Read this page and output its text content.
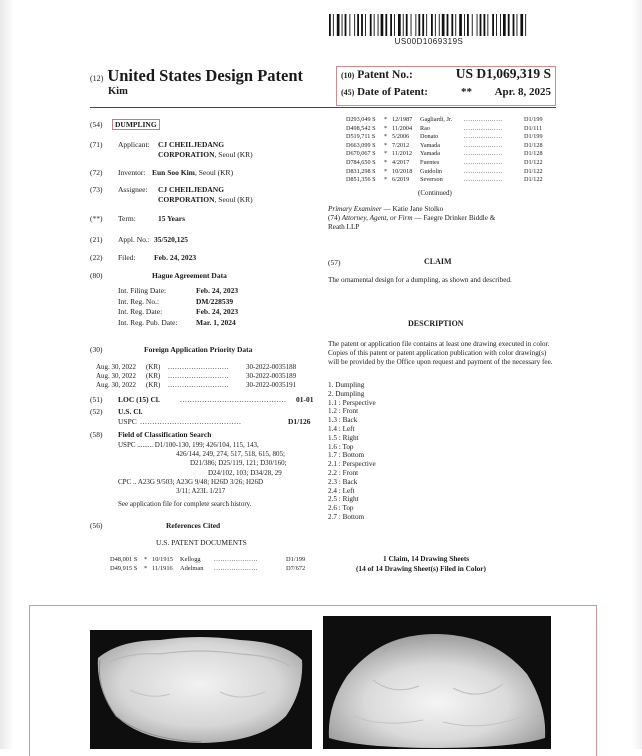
US00D1069319S
(12) United States Design Patent
Kim
(10) Patent No.:	US D1,069,319 S
(45) Date of Patent:	** Apr. 8, 2025
(54)	DUMPLING
(71) Applicant: CJ CHEILJEDANG
CORPORATION, Seoul (KR)
(72) Inventor: Eun Soo Kim, Seoul (KR)
(73) Assignee: CJ CHEILJEDANG
CORPORATION, Seoul (KR)
(**) Term:	15 Years
(21) Appl. No.: 35/520,125
(22) Filed: Feb. 24, 2023
(80)	Hague Agreement Data
Int. Filing Date:	Feb. 24, 2023
Int. Reg. No.:	DM/228539
Int. Reg. Date:	Feb. 24, 2023
Int. Reg. Pub. Date: Mar. 1, 2024
(30)	Foreign Application Priority Data
Aug. 30, 2022 (KR) .......................... 30-2022-0035188
Aug. 30, 2022 (KR) .......................... 30-2022-0035189
Aug. 30, 2022 (KR) .......................... 30-2022-0035191
(51) LOC (15) Cl.	........................................... 01-01
(52) U.S. Cl.
USPC .........................................	D1/126
(58) Field of Classification Search
USPC ......... D1/100-130, 199; 426/104, 115, 143,
426/144, 249, 274, 517, 518, 615, 805;
D21/386; D25/119, 121; D30/160;
D24/102, 103; D34/28, 29
CPC .. A23G 9/503; A23G 9/48; H26D 3/26; H26D
3/11; A23L 1/217
See application file for complete search history.
(56)	References Cited
U.S. PATENT DOCUMENTS
D48,001 S * 10/1915 Kellogg ....................	D1/199
D49,915 S * 11/1916 Adelman ....................	D7/672
D293,049 S * 12/1987 Gagliardi, Jr. ..................	D1/199
D498,542 S * 11/2004 Rao	..................	D1/111
D519,711 S * 5/2006 Donato	..................	D1/199
D663,099 S * 7/2012 Yamada	..................	D1/128
D670,067 S * 11/2012 Yamada	..................	D1/128
D784,650 S * 4/2017 Fuentes	..................	D1/122
D831,298 S * 10/2018 Guidolin	..................	D1/122
D851,356 S * 6/2019 Severson	..................	D1/122
(Continued)
Primary Examiner — Katie Jane Stolko
(74) Attorney, Agent, or Firm — Faegre Drinker Biddle &
Reath LLP
(57)	CLAIM
The ornamental design for a dumpling, as shown and described.
DESCRIPTION
The patent or application file contains at least one drawing executed in color. Copies of this patent or patent application publication with color drawing(s) will be provided by the Office upon request and payment of the necessary fee.
1. Dumpling
2. Dumpling
1.1 : Perspective
1.2 : Front
1.3 : Back
1.4 : Left
1.5 : Right
1.6 : Top
1.7 : Bottom
2.1 : Perspective
2.2 : Front
2.3 : Back
2.4 : Left
2.5 : Right
2.6 : Top
2.7 : Bottom
1 Claim, 14 Drawing Sheets
(14 of 14 Drawing Sheet(s) Filed in Color)
